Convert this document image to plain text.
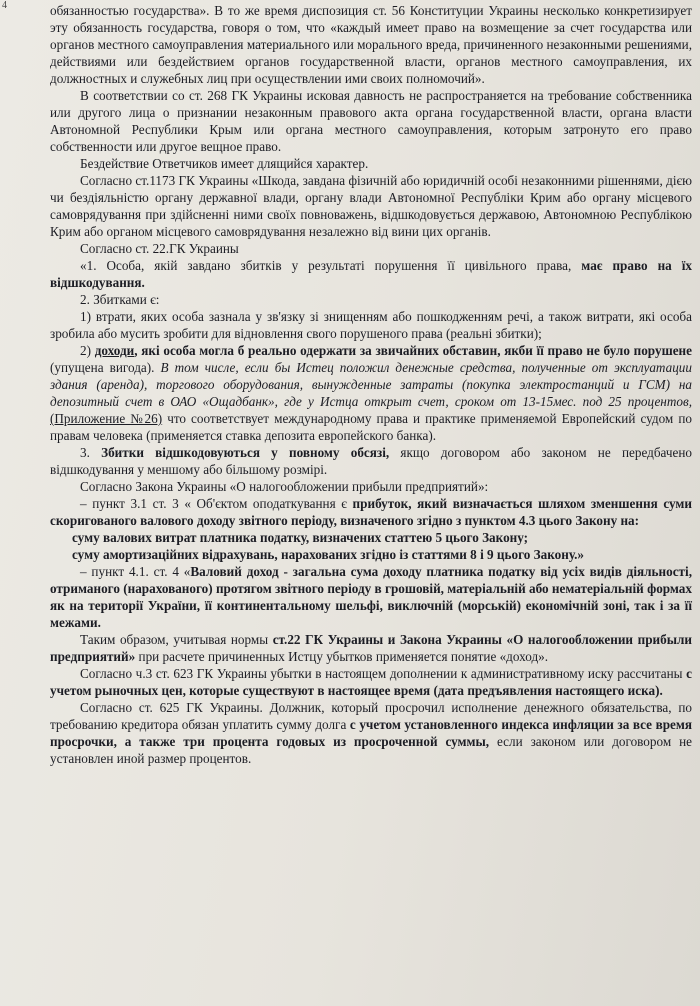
4	обязанностью государства». В то же время диспозиция ст. 56 Конституции Украины несколько конкретизирует эту обязанность государства, говоря о том, что «каждый имеет право на возмещение за счет государства или органов местного самоуправления материального или морального вреда, причиненного незаконными решениями, действиями или бездействием органов государственной власти, органов местного самоуправления, их должностных и служебных лиц при осуществлении ими своих полномочий».

В соответствии со ст. 268 ГК Украины исковая давность не распространяется на требование собственника или другого лица о признании незаконным правового акта органа государственной власти, органа власти Автономной Республики Крым или органа местного самоуправления, которым затронуто его право собственности или другое вещное право.

Бездействие Ответчиков имеет длящийся характер.

Согласно ст.1173 ГК Украины «Шкода, завдана фізичній або юридичній особі незаконними рішеннями, дією чи бездіяльністю органу державної влади, органу влади Автономної Республіки Крим або органу місцевого самоврядування при здійсненні ними своїх повноважень, відшкодовується державою, Автономною Республікою Крим або органом місцевого самоврядування незалежно від вини цих органів.

Согласно ст. 22.ГК Украины

«1. Особа, якій завдано збитків у результаті порушення її цивільного права, має право на їх відшкодування.

2. Збитками є:

1) втрати, яких особа зазнала у зв'язку зі знищенням або пошкодженням речі, а також витрати, які особа зробила або мусить зробити для відновлення свого порушеного права (реальні збитки);

2) доходи, які особа могла б реально одержати за звичайних обставин, якби її право не було порушене (упущена вигода). В том числе, если бы Истец положил денежные средства, полученные от эксплуатации здания (аренда), торгового оборудования, вынужденные затраты (покупка электростанций и ГСМ) на депозитный счет в ОАО «Ощадбанк», где у Истца открыт счет, сроком от 13-15мес. под 25 процентов, (Приложение №26) что соответствует международному права и практике применяемой Европейский судом по правам человека (применяется ставка депозита европейского банка).

3. Збитки відшкодовуються у повному обсязі, якщо договором або законом не передбачено відшкодування у меншому або більшому розмірі.

Согласно Закона Украины «О налогообложении прибыли предприятий»:

– пункт 3.1 ст. 3 « Об'єктом оподаткування є прибуток, який визначається шляхом зменшення суми скоригованого валового доходу звітного періоду, визначеного згідно з пунктом 4.3 цього Закону на:

суму валових витрат платника податку, визначених статтею 5 цього Закону;

суму амортизаційних відрахувань, нарахованих згідно із статтями 8 і 9 цього Закону.»

– пункт 4.1. ст. 4 «Валовий доход - загальна сума доходу платника податку від усіх видів діяльності, отриманого (нарахованого) протягом звітного періоду в грошовій, матеріальній або нематеріальній формах як на території України, її континентальному шельфі, виключній (морській) економічній зоні, так і за її межами.

Таким образом, учитывая нормы ст.22 ГК Украины и Закона Украины «О налогообложении прибыли предприятий» при расчете причиненных Истцу убытков применяется понятие «доход».

Согласно ч.3 ст. 623 ГК Украины убытки в настоящем дополнении к административному иску рассчитаны с учетом рыночных цен, которые существуют в настоящее время (дата предъявления настоящего иска).

Согласно ст. 625 ГК Украины. Должник, который просрочил исполнение денежного обязательства, по требованию кредитора обязан уплатить сумму долга с учетом установленного индекса инфляции за все время просрочки, а также три процента годовых из просроченной суммы, если законом или договором не установлен иной размер процентов.
